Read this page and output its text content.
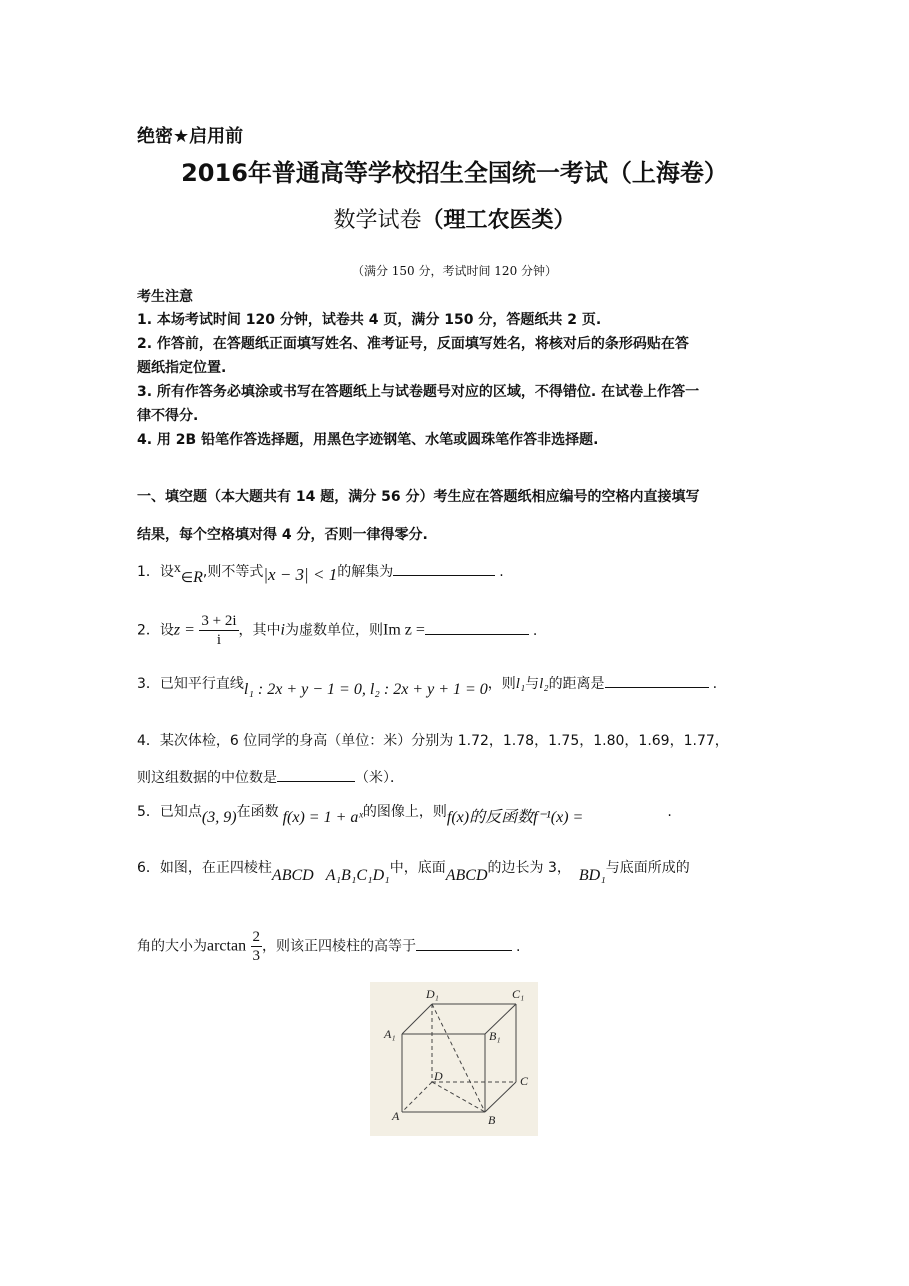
绝密★启用前
2016年普通高等学校招生全国统一考试（上海卷）
数学试卷（理工农医类）
（满分 150 分，考试时间 120 分钟）
考生注意
1. 本场考试时间 120 分钟，试卷共 4 页，满分 150 分，答题纸共 2 页.
2. 作答前，在答题纸正面填写姓名、准考证号，反面填写姓名，将核对后的条形码贴在答
题纸指定位置.
3. 所有作答务必填涂或书写在答题纸上与试卷题号对应的区域，不得错位. 在试卷上作答一
律不得分.
4. 用 2B 铅笔作答选择题，用黑色字迹钢笔、水笔或圆珠笔作答非选择题.
一、填空题（本大题共有 14 题，满分 56 分）考生应在答题纸相应编号的空格内直接填写
结果，每个空格填对得 4 分，否则一律得零分.
1．设x∈R,则不等式|x − 3| < 1的解集为	.
2．设$z = \frac{3 + 2i}{i}$ ，其中i为虚数单位，则Im z =	.
3．已知平行直线l₁ : 2x + y − 1 = 0, l₂ : 2x + y + 1 = 0，则l₁与l₂的距离是	.
4．某次体检，6 位同学的身高（单位：米）分别为 1.72，1.78，1.75，1.80，1.69，1.77，
则这组数据的中位数是	（米）．
5．已知点(3, 9)在函数 f(x) = 1 + aˣ的图像上，则f(x)的反函数f⁻¹(x) =	.
6．如图，在正四棱柱ABCD A₁B₁C₁D₁中，底面ABCD的边长为 3， BD₁与底面所成的
角的大小为$\arctan \frac{2}{3}$ ，则该正四棱柱的高等于	.
D₁	C₁
A₁	B₁
D	C
A	B
